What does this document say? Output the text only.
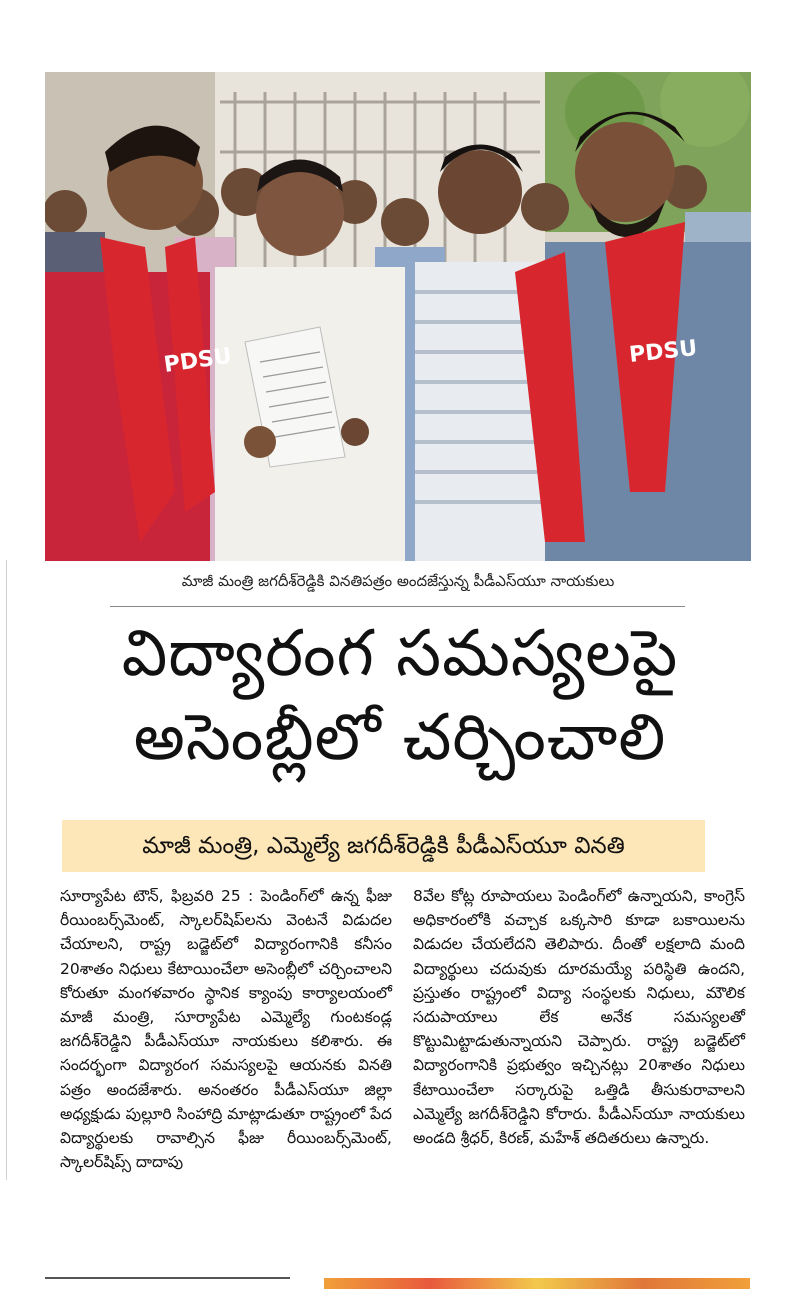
PDSU	PDSU
మాజీ మంత్రి జగదీశ్‌రెడ్డికి వినతిపత్రం అందజేస్తున్న పీడీఎస్‌యూ నాయకులు
విద్యారంగ సమస్యలపై
అసెంబ్లీలో చర్చించాలి
మాజీ మంత్రి, ఎమ్మెల్యే జగదీశ్‌రెడ్డికి పీడీఎస్‌యూ వినతి

సూర్యాపేట టౌన్‌, ఫిబ్రవరి 25 : పెండింగ్‌లో ఉన్న ఫీజు రీయింబర్స్‌మెంట్‌, స్కాలర్‌షిప్‌లను వెంటనే విడుదల చేయాలని, రాష్ట్ర బడ్జెట్‌లో విద్యారంగానికి కనీసం 20శాతం నిధులు కేటాయించేలా అసెంబ్లీలో చర్చించాలని కోరుతూ మంగళవారం స్థానిక క్యాంపు కార్యాలయంలో మాజీ మంత్రి, సూర్యాపేట ఎమ్మెల్యే గుంటకండ్ల జగదీశ్‌రెడ్డిని పీడీఎస్‌యూ నాయకులు కలిశారు. ఈ సందర్భంగా విద్యారంగ సమస్యలపై ఆయనకు వినతి పత్రం అందజేశారు. అనంతరం పీడీఎస్‌యూ జిల్లా అధ్యక్షుడు పుల్లూరి సింహాద్రి మాట్లాడుతూ రాష్ట్రంలో పేద విద్యార్థులకు రావాల్సిన ఫీజు రీయింబర్స్‌మెంట్‌, స్కాలర్‌షిప్స్‌ దాదాపు

8వేల కోట్ల రూపాయలు పెండింగ్‌లో ఉన్నాయని, కాంగ్రెస్‌ అధికారంలోకి వచ్చాక ఒక్కసారి కూడా బకాయిలను విడుదల చేయలేదని తెలిపారు. దీంతో లక్షలాది మంది విద్యార్థులు చదువుకు దూరమయ్యే పరిస్థితి ఉందని, ప్రస్తుతం రాష్ట్రంలో విద్యా సంస్థలకు నిధులు, మౌలిక సదుపాయాలు లేక అనేక సమస్యలతో కొట్టుమిట్టాడుతున్నాయని చెప్పారు. రాష్ట్ర బడ్జెట్‌లో విద్యారంగానికి ప్రభుత్వం ఇచ్చినట్లు 20శాతం నిధులు కేటాయించేలా సర్కారుపై ఒత్తిడి తీసుకురావాలని ఎమ్మెల్యే జగదీశ్‌రెడ్డిని కోరారు. పీడీఎస్‌యూ నాయకులు అండది శ్రీధర్‌, కిరణ్‌, మహేశ్‌ తదితరులు ఉన్నారు.
